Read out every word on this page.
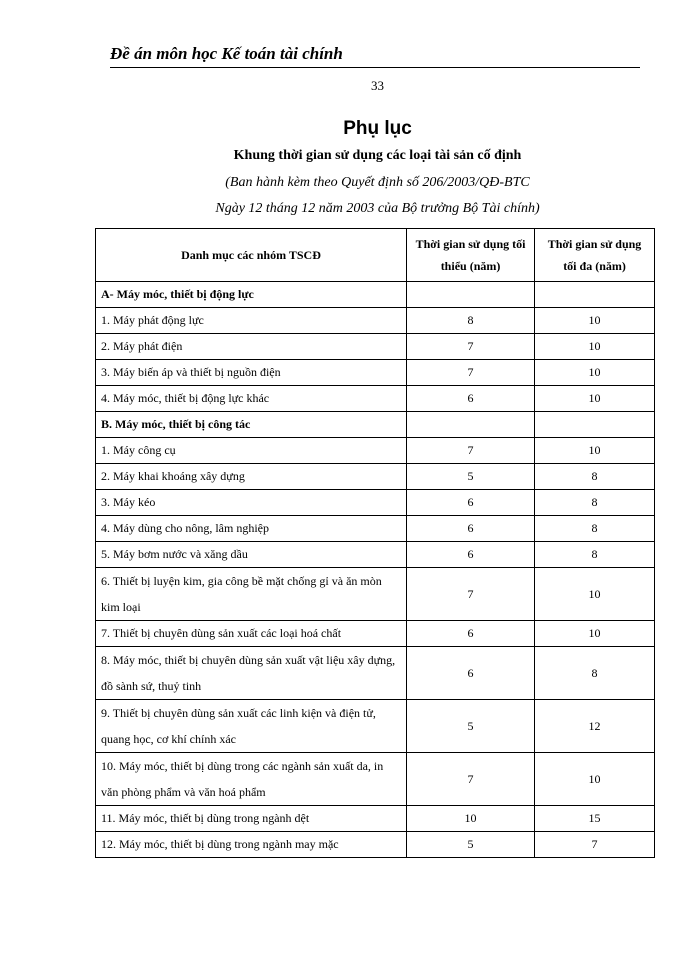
Đề án môn học Kế toán tài chính
33
Phụ lục
Khung thời gian sử dụng các loại tài sản cố định
(Ban hành kèm theo Quyết định số 206/2003/QĐ-BTC
Ngày 12 tháng 12 năm 2003 của Bộ trưởng Bộ Tài chính)
Danh mục các nhóm TSCĐ	Thời gian sử dụng tối thiểu (năm)	Thời gian sử dụng tối đa (năm)
A- Máy móc, thiết bị động lực		
1. Máy phát động lực	8	10
2. Máy phát điện	7	10
3. Máy biến áp và thiết bị nguồn điện	7	10
4. Máy móc, thiết bị động lực khác	6	10
B. Máy móc, thiết bị công tác		
1. Máy công cụ	7	10
2. Máy khai khoáng xây dựng	5	8
3. Máy kéo	6	8
4. Máy dùng cho nông, lâm nghiệp	6	8
5. Máy bơm nước và xăng dầu	6	8
6. Thiết bị luyện kim, gia công bề mặt chống gỉ và ăn mòn kim loại	7	10
7. Thiết bị chuyên dùng sản xuất các loại hoá chất	6	10
8. Máy móc, thiết bị chuyên dùng sản xuất vật liệu xây dựng, đồ sành sứ, thuỷ tinh	6	8
9. Thiết bị chuyên dùng sản xuất các linh kiện và điện tử, quang học, cơ khí chính xác	5	12
10. Máy móc, thiết bị dùng trong các ngành sản xuất da, in văn phòng phẩm và văn hoá phẩm	7	10
11. Máy móc, thiết bị dùng trong ngành dệt	10	15
12. Máy móc, thiết bị dùng trong ngành may mặc	5	7
